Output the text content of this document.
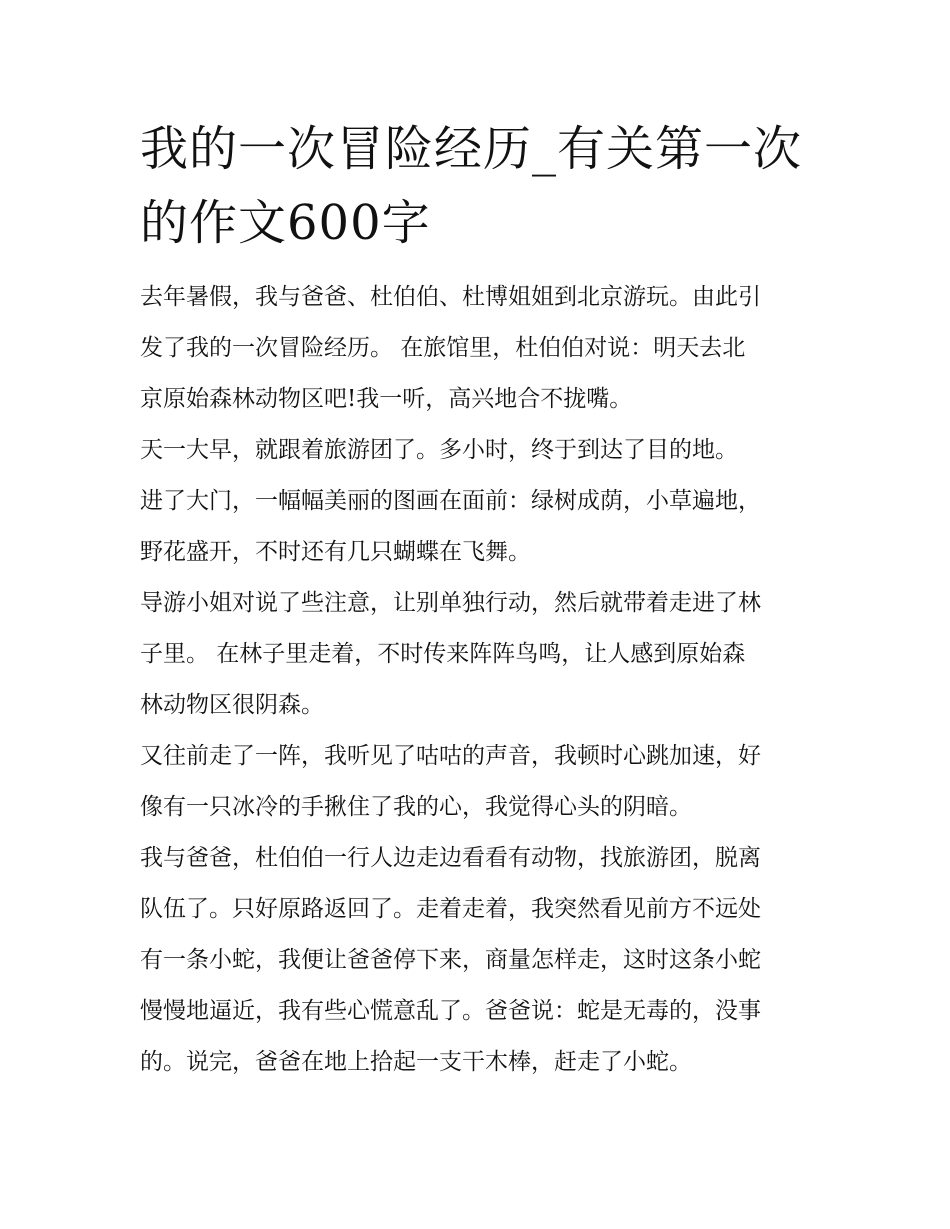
我的一次冒险经历_有关第一次
的作文600字

去年暑假，我与爸爸、杜伯伯、杜博姐姐到北京游玩。由此引
发了我的一次冒险经历。 在旅馆里，杜伯伯对说：明天去北
京原始森林动物区吧!我一听，高兴地合不拢嘴。

天一大早，就跟着旅游团了。多小时，终于到达了目的地。

进了大门，一幅幅美丽的图画在面前：绿树成荫，小草遍地，
野花盛开，不时还有几只蝴蝶在飞舞。

导游小姐对说了些注意，让别单独行动，然后就带着走进了林
子里。 在林子里走着，不时传来阵阵鸟鸣，让人感到原始森
林动物区很阴森。

又往前走了一阵，我听见了咕咕的声音，我顿时心跳加速，好
像有一只冰冷的手揪住了我的心，我觉得心头的阴暗。

我与爸爸，杜伯伯一行人边走边看看有动物，找旅游团，脱离
队伍了。只好原路返回了。走着走着，我突然看见前方不远处
有一条小蛇，我便让爸爸停下来，商量怎样走，这时这条小蛇
慢慢地逼近，我有些心慌意乱了。爸爸说：蛇是无毒的，没事
的。说完，爸爸在地上拾起一支干木棒，赶走了小蛇。
